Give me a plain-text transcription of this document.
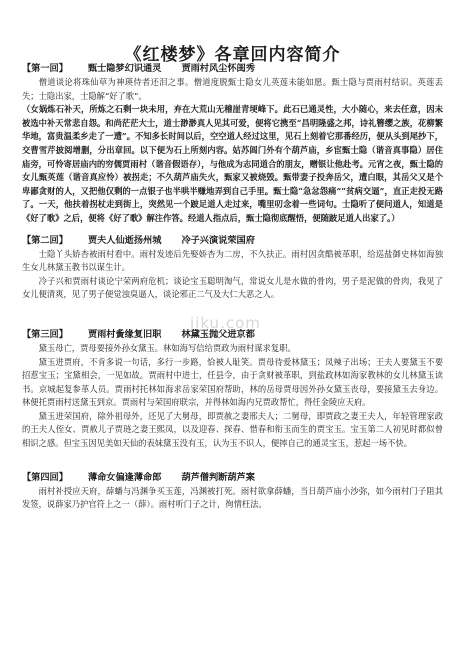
《红楼梦》各章回内容简介
【第一回】 甄士隐梦幻识通灵 贾雨村风尘怀闺秀

僧道谈论将珠仙草为神瑛侍者还泪之事。僧道度脱甄士隐女儿英莲未能如愿。甄士隐与贾雨村结识。英莲丢失；士隐出家，士隐解“好了歌”。

（女娲炼石补天，所炼之石剩一块未用，弃在大荒山无稽崖青埂峰下。此石已通灵性，大小随心，来去任意，因未被选中补天常悲自怨。和尚茫茫大士，道士渺渺真人见其可爱，便将它携至“昌明隆盛之邦，诗礼簪缨之族，花柳繁华地，富贵温柔乡走了一遭”。不知多长时间以后，空空道人经过这里，见石上刻着它那番经历，便从头到尾抄下，交曹雪芹披阅增删，分出章回。以下便为石上所刻内容。姑苏阊门外有个葫芦庙，乡宦甄士隐（谐音真事隐）居住庙旁，可怜寄居庙内的穷儒贾雨村（谐音假语存），与他成为志同道合的朋友，赠银让他赴考。元宵之夜，甄士隐的女儿甄英莲（谐音真应怜）被拐走；不久葫芦庙失火，甄家又被烧毁。甄带妻子投奔岳父，遭白眼，其岳父又是个卑鄙贪财的人，又把他仅剩的一点银子也半哄半赚地弄到自己手里。甄士隐“急忿怨痛”“贫病交逼”，直正走投无路了。一天，他扶着拐杖走到街上，突然见一个跛足道人走过来，嘴里叨念着一些词句。士隐听了便问道人，知道是《好了歌》之后，便将《好了歌》解注作答。经道人指点后，甄士隐彻底醒悟，便随跛足道人出家了。）

【第二回】 贾夫人仙逝扬州城 冷子兴演说荣国府

士隐丫头娇杏被雨村看中。雨村发迹后先娶娇杏为二房，不久扶正。雨村因贪酷被革职，给巡盐御史林如海独生女儿林黛玉教书以谋生计。

冷子兴和贾雨村谈论宁荣两府危机；谈论宝玉聪明淘气，常说女儿是水做的骨肉，男子是泥做的骨肉，我见了女儿便清爽，见了男子便觉浊臭逼人，谈论邪正二气及大仁大恶之人。

【第三回】 贾雨村夤缘复旧职 林黛玉抛父进京都

黛玉母亡，贾母要接外孙女黛玉。林如海写信给贾政为雨村谋求复职。

黛玉进贾府，不肯多说一句话，多行一步路，恰被人耻笑。贾母待爱林黛玉；凤辣子出场；王夫人要黛玉不要招惹宝玉；宝黛相会，一见如故。贾雨村中进士，任县令，由于贪财被革职，到盐政林如海家教林的女儿林黛玉读书。京城起复参革人员。贾雨村托林如海求岳家荣国府帮助，林的岳母贾母因外孙女黛玉丧母，要接黛玉去身边。林便托贾雨村送黛玉到京。贾雨村与荣国府联宗，并得林如海内兄贾政帮忙，得任金陵应天府。

黛玉进荣国府，除外祖母外，还见了大舅母，即贾赦之妻邢夫人；二舅母，即贾政之妻王夫人，年轻管理家政的王夫人侄女、贾赦儿子贾琏之妻王熙凤，以及迎春、探春、惜春和衔玉而生的贾宝玉。宝玉第二人初见时都似曾相识之感。但宝玉因见美如天仙的表妹黛玉没有玉，认为玉不识人，便摔自己的通灵宝玉，惹起一场不快。

【第四回】 薄命女偏逢薄命郎 葫芦僧判断葫芦案

雨村补授应天府，薛蟠与冯渊争买玉莲，冯渊被打死。雨村欲拿薛蟠，当日葫芦庙小沙弥，如今雨村门子阻其发签，说薛家乃护官符上之一（薛）。雨村听门子之计，徇情枉法。

jiku.com
